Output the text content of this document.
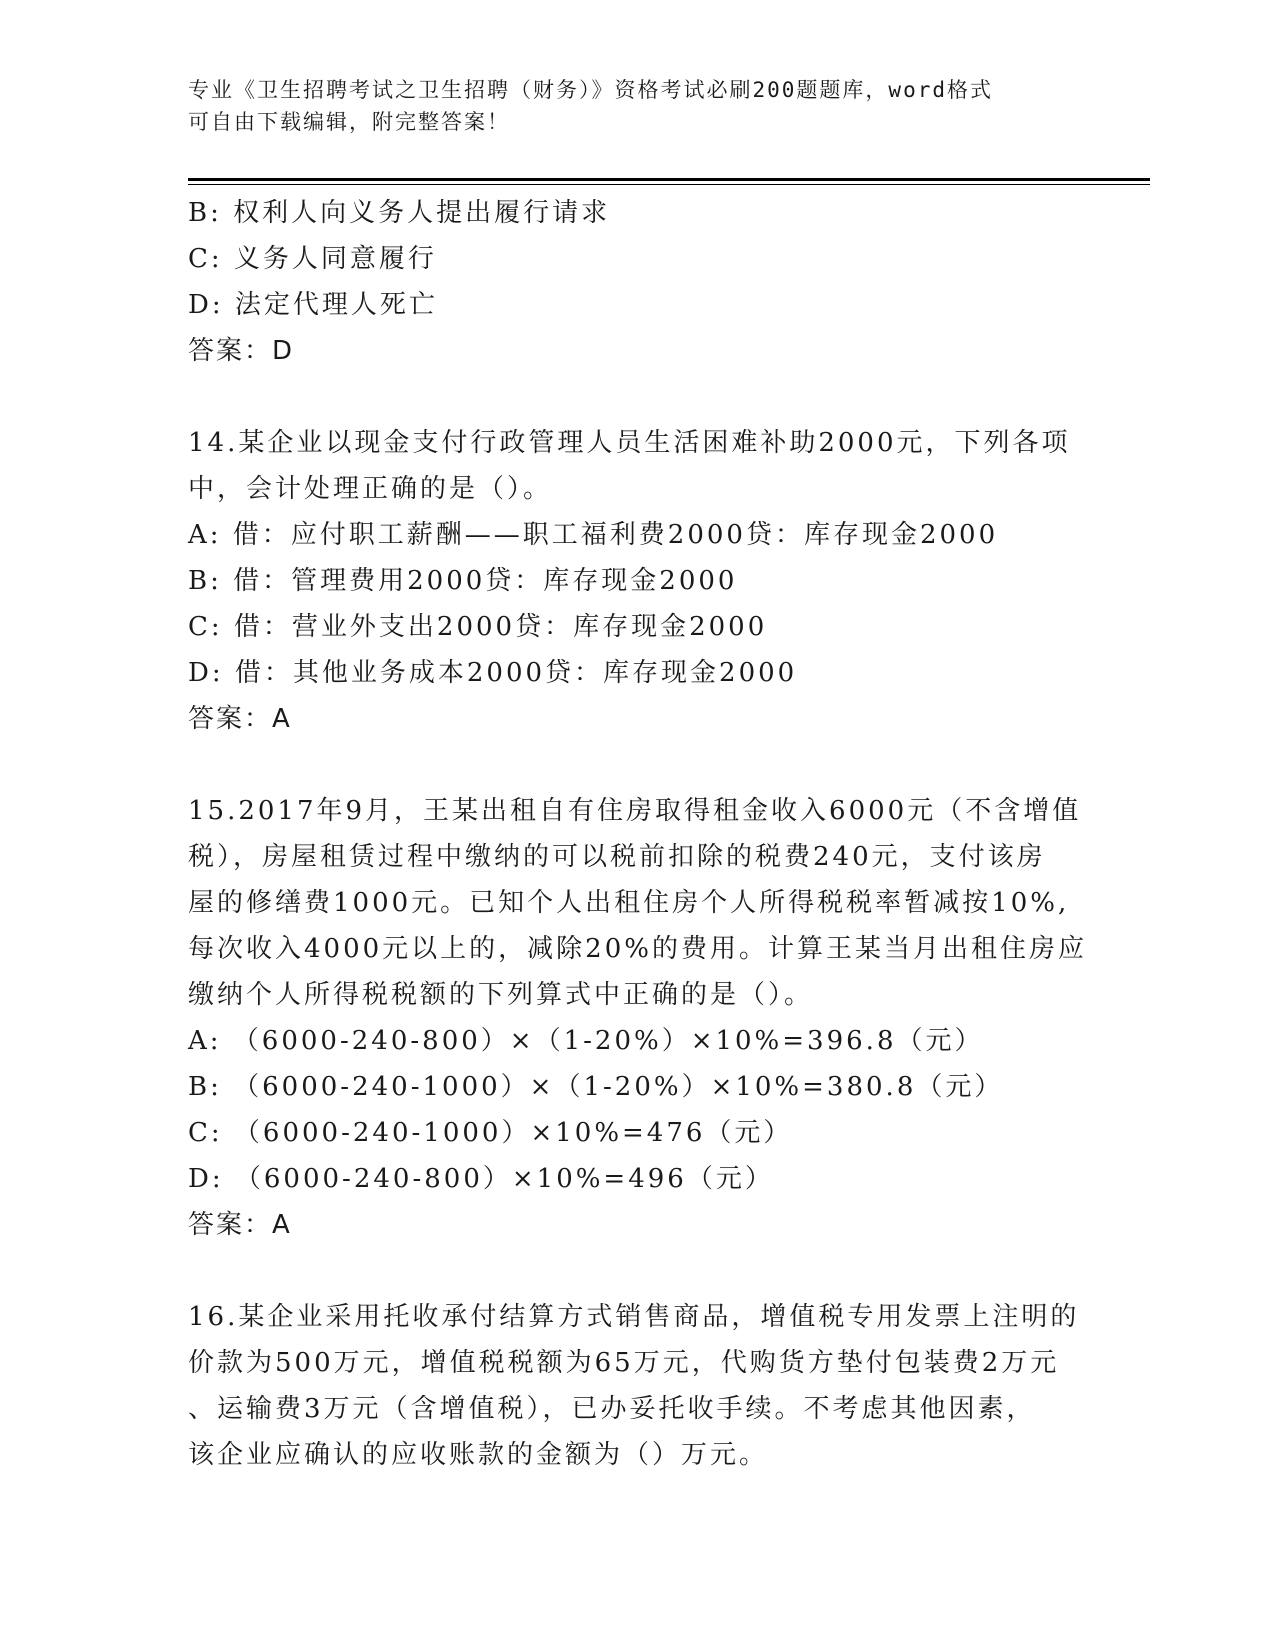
专业《卫生招聘考试之卫生招聘（财务）》资格考试必刷200题题库，word格式
可自由下载编辑，附完整答案！
B: 权利人向义务人提出履行请求
C: 义务人同意履行
D: 法定代理人死亡
答案：D
14.某企业以现金支付行政管理人员生活困难补助2000元，下列各项
中，会计处理正确的是（）。
A: 借：应付职工薪酬——职工福利费2000贷：库存现金2000
B: 借：管理费用2000贷：库存现金2000
C: 借：营业外支出2000贷：库存现金2000
D: 借：其他业务成本2000贷：库存现金2000
答案：A
15.2017年9月，王某出租自有住房取得租金收入6000元（不含增值
税），房屋租赁过程中缴纳的可以税前扣除的税费240元，支付该房
屋的修缮费1000元。已知个人出租住房个人所得税税率暂减按10%,
每次收入4000元以上的，减除20%的费用。计算王某当月出租住房应
缴纳个人所得税税额的下列算式中正确的是（）。
A: （6000-240-800）×（1-20%）×10%=396.8（元）
B: （6000-240-1000）×（1-20%）×10%=380.8（元）
C: （6000-240-1000）×10%=476（元）
D: （6000-240-800）×10%=496（元）
答案：A
16.某企业采用托收承付结算方式销售商品，增值税专用发票上注明的
价款为500万元，增值税税额为65万元，代购货方垫付包装费2万元
、运输费3万元（含增值税），已办妥托收手续。不考虑其他因素，
该企业应确认的应收账款的金额为（）万元。
